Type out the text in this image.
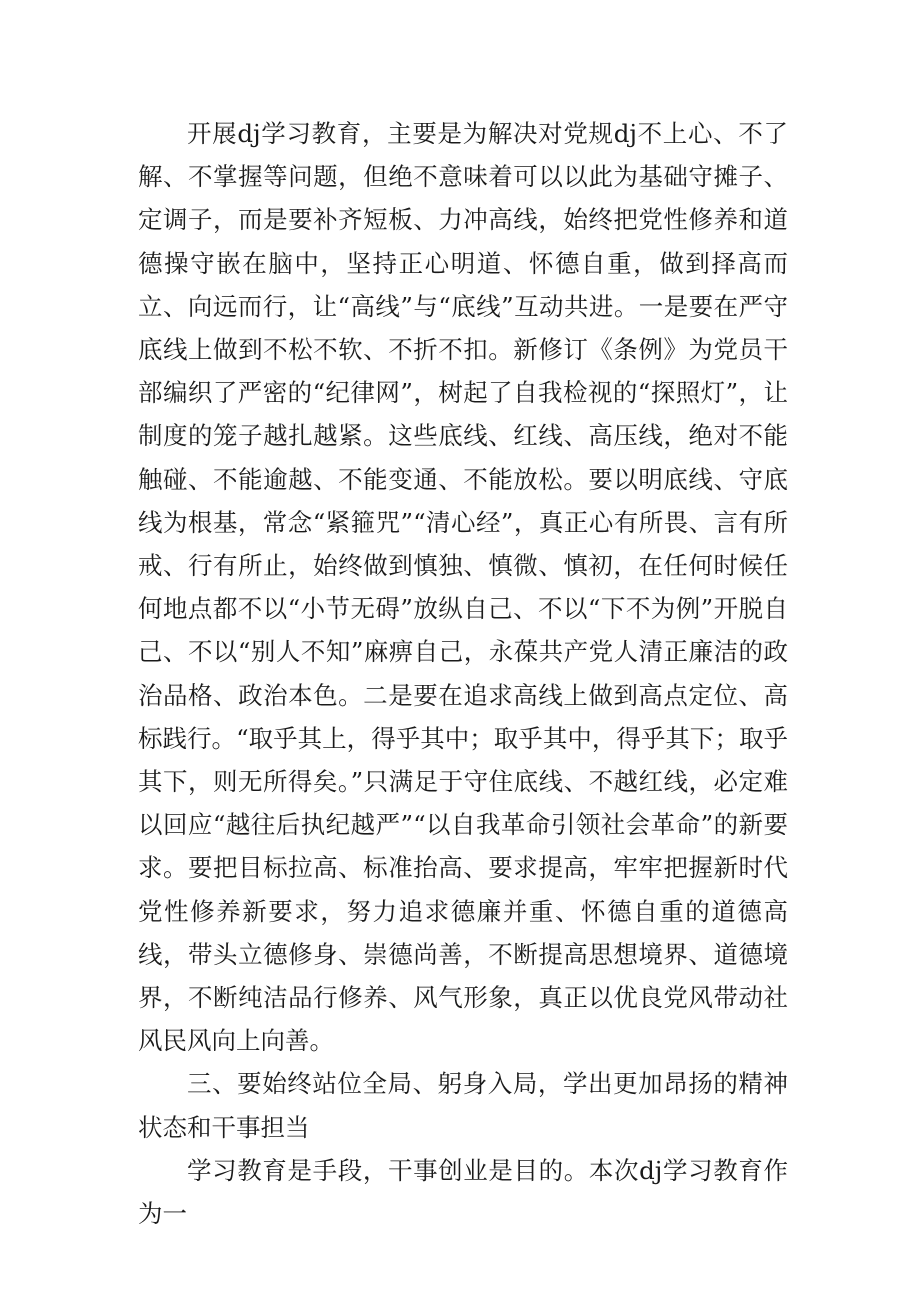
开展dj学习教育，主要是为解决对党规dj不上心、不了解、不掌握等问题，但绝不意味着可以以此为基础守摊子、定调子，而是要补齐短板、力冲高线，始终把党性修养和道德操守嵌在脑中，坚持正心明道、怀德自重，做到择高而立、向远而行，让“高线”与“底线”互动共进。一是要在严守底线上做到不松不软、不折不扣。新修订《条例》为党员干部编织了严密的“纪律网”，树起了自我检视的“探照灯”，让制度的笼子越扎越紧。这些底线、红线、高压线，绝对不能触碰、不能逾越、不能变通、不能放松。要以明底线、守底线为根基，常念“紧箍咒”“清心经”，真正心有所畏、言有所戒、行有所止，始终做到慎独、慎微、慎初，在任何时候任何地点都不以“小节无碍”放纵自己、不以“下不为例”开脱自己、不以“别人不知”麻痹自己，永葆共产党人清正廉洁的政治品格、政治本色。二是要在追求高线上做到高点定位、高标践行。“取乎其上，得乎其中；取乎其中，得乎其下；取乎其下，则无所得矣。”只满足于守住底线、不越红线，必定难以回应“越往后执纪越严”“以自我革命引领社会革命”的新要求。要把目标拉高、标准抬高、要求提高，牢牢把握新时代党性修养新要求，努力追求德廉并重、怀德自重的道德高线，带头立德修身、崇德尚善，不断提高思想境界、道德境界，不断纯洁品行修养、风气形象，真正以优良党风带动社风民风向上向善。

三、要始终站位全局、躬身入局，学出更加昂扬的精神状态和干事担当

学习教育是手段，干事创业是目的。本次dj学习教育作为一
